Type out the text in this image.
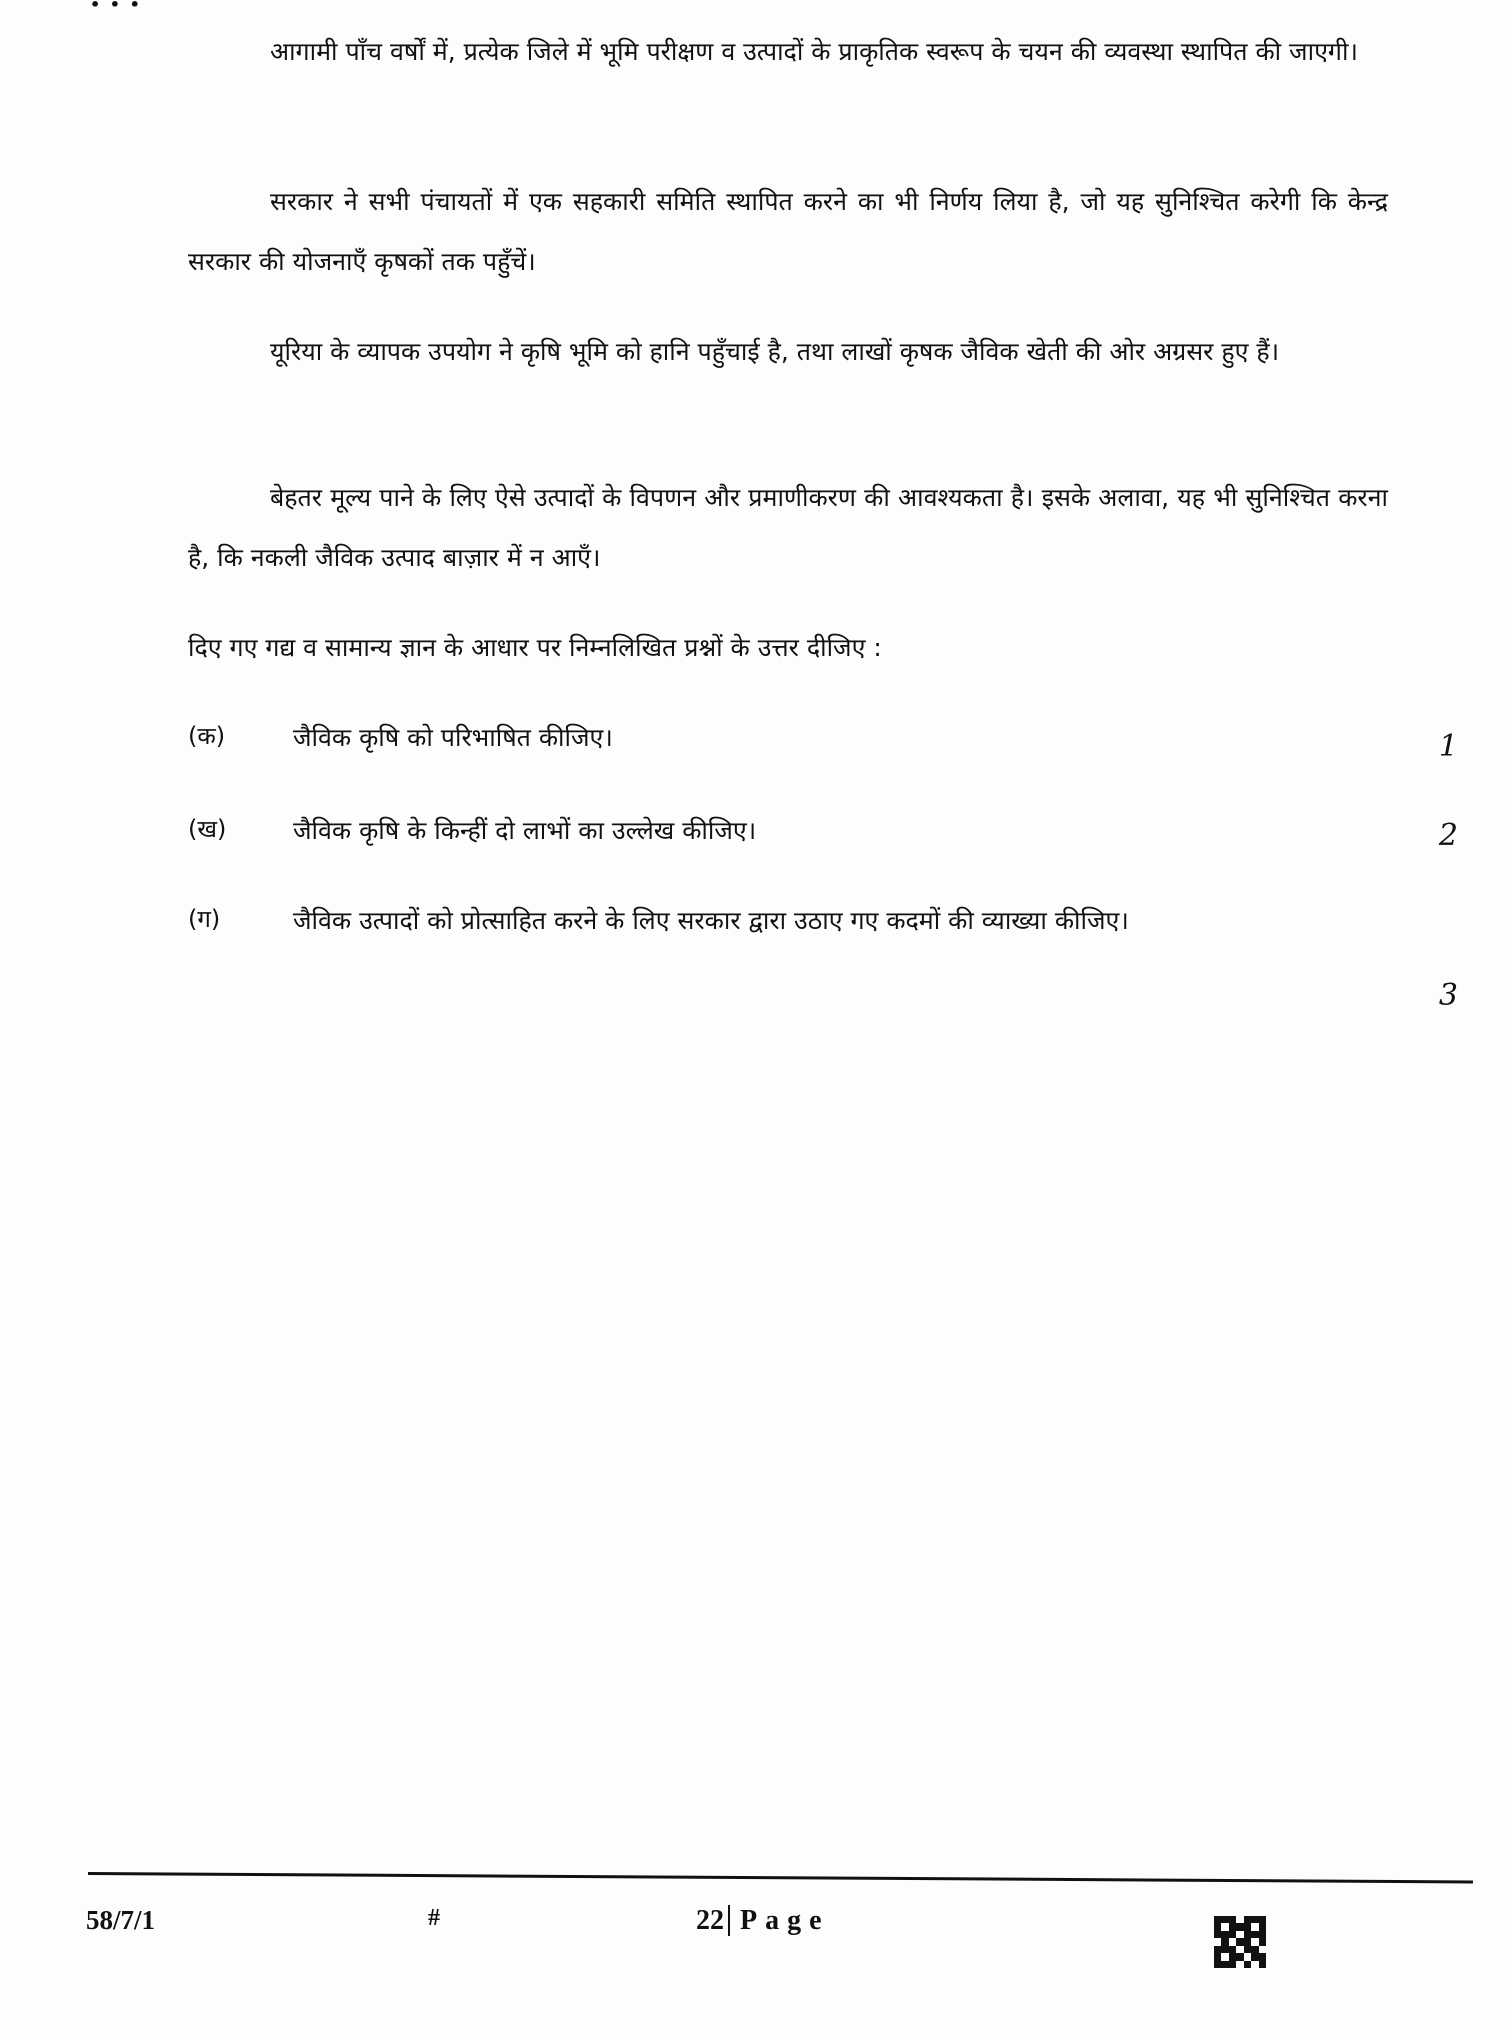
• • •
आगामी पाँच वर्षों में, प्रत्येक जिले में भूमि परीक्षण व उत्पादों के प्राकृतिक स्वरूप के चयन की व्यवस्था स्थापित की जाएगी।
सरकार ने सभी पंचायतों में एक सहकारी समिति स्थापित करने का भी निर्णय लिया है, जो यह सुनिश्चित करेगी कि केन्द्र सरकार की योजनाएँ कृषकों तक पहुँचें।
यूरिया के व्यापक उपयोग ने कृषि भूमि को हानि पहुँचाई है, तथा लाखों कृषक जैविक खेती की ओर अग्रसर हुए हैं।
बेहतर मूल्य पाने के लिए ऐसे उत्पादों के विपणन और प्रमाणीकरण की आवश्यकता है। इसके अलावा, यह भी सुनिश्चित करना है, कि नकली जैविक उत्पाद बाज़ार में न आएँ।
दिए गए गद्य व सामान्य ज्ञान के आधार पर निम्नलिखित प्रश्नों के उत्तर दीजिए :
(क)	जैविक कृषि को परिभाषित कीजिए।	1
(ख)	जैविक कृषि के किन्हीं दो लाभों का उल्लेख कीजिए।	2
(ग)	जैविक उत्पादों को प्रोत्साहित करने के लिए सरकार द्वारा उठाए गए कदमों की व्याख्या कीजिए।
3
58/7/1	#	22 Page
